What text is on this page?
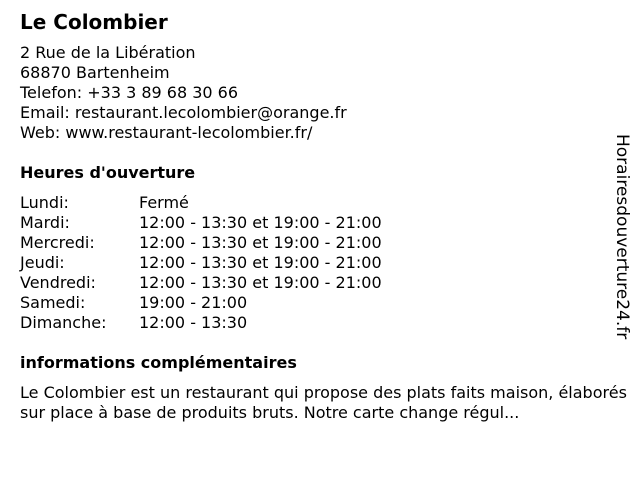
Le Colombier
2 Rue de la Libération
68870 Bartenheim
Telefon: +33 3 89 68 30 66
Email: restaurant.lecolombier@orange.fr
Web: www.restaurant-lecolombier.fr/
Heures d'ouverture
Lundi:	Fermé
Mardi:	12:00 - 13:30 et 19:00 - 21:00
Mercredi:	12:00 - 13:30 et 19:00 - 21:00
Jeudi:	12:00 - 13:30 et 19:00 - 21:00
Vendredi:	12:00 - 13:30 et 19:00 - 21:00
Samedi:	19:00 - 21:00
Dimanche: 12:00 - 13:30
informations complémentaires
Le Colombier est un restaurant qui propose des plats faits maison, élaborés sur place à base de produits bruts. Notre carte change régul...
Horairesdouverture24.fr
